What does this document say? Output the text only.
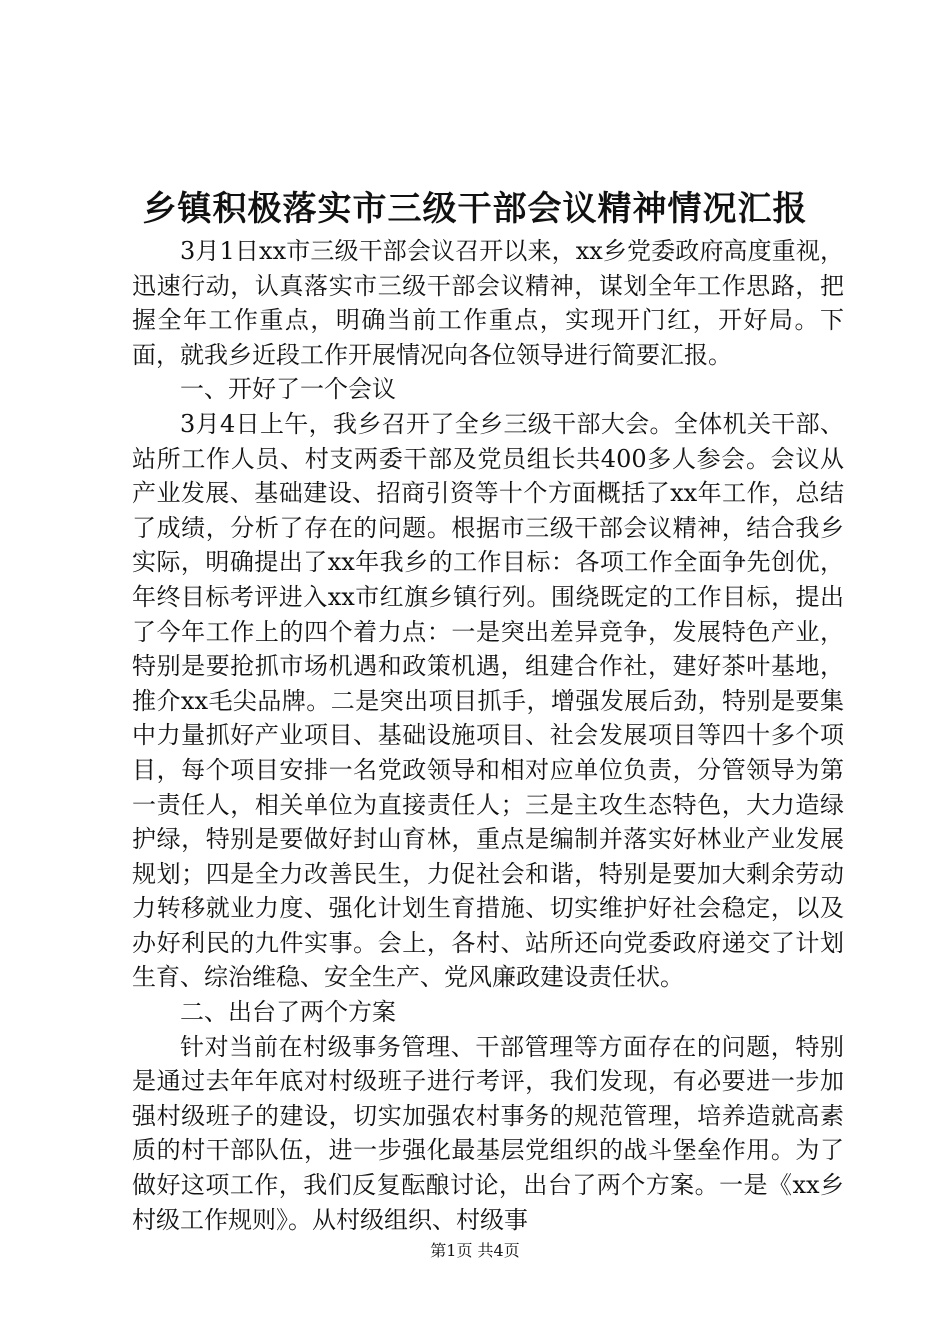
乡镇积极落实市三级干部会议精神情况汇报

3月1日xx市三级干部会议召开以来，xx乡党委政府高度重视，迅速行动，认真落实市三级干部会议精神，谋划全年工作思路，把握全年工作重点，明确当前工作重点，实现开门红，开好局。下面，就我乡近段工作开展情况向各位领导进行简要汇报。

一、开好了一个会议

3月4日上午，我乡召开了全乡三级干部大会。全体机关干部、站所工作人员、村支两委干部及党员组长共400多人参会。会议从产业发展、基础建设、招商引资等十个方面概括了xx年工作，总结了成绩，分析了存在的问题。根据市三级干部会议精神，结合我乡实际，明确提出了xx年我乡的工作目标：各项工作全面争先创优，年终目标考评进入xx市红旗乡镇行列。围绕既定的工作目标，提出了今年工作上的四个着力点：一是突出差异竞争，发展特色产业，特别是要抢抓市场机遇和政策机遇，组建合作社，建好茶叶基地，推介xx毛尖品牌。二是突出项目抓手，增强发展后劲，特别是要集中力量抓好产业项目、基础设施项目、社会发展项目等四十多个项目，每个项目安排一名党政领导和相对应单位负责，分管领导为第一责任人，相关单位为直接责任人；三是主攻生态特色，大力造绿护绿，特别是要做好封山育林，重点是编制并落实好林业产业发展规划；四是全力改善民生，力促社会和谐，特别是要加大剩余劳动力转移就业力度、强化计划生育措施、切实维护好社会稳定，以及办好利民的九件实事。会上，各村、站所还向党委政府递交了计划生育、综治维稳、安全生产、党风廉政建设责任状。

二、出台了两个方案

针对当前在村级事务管理、干部管理等方面存在的问题，特别是通过去年年底对村级班子进行考评，我们发现，有必要进一步加强村级班子的建设，切实加强农村事务的规范管理，培养造就高素质的村干部队伍，进一步强化最基层党组织的战斗堡垒作用。为了做好这项工作，我们反复酝酿讨论，出台了两个方案。一是《xx乡村级工作规则》。从村级组织、村级事

第1页 共4页
